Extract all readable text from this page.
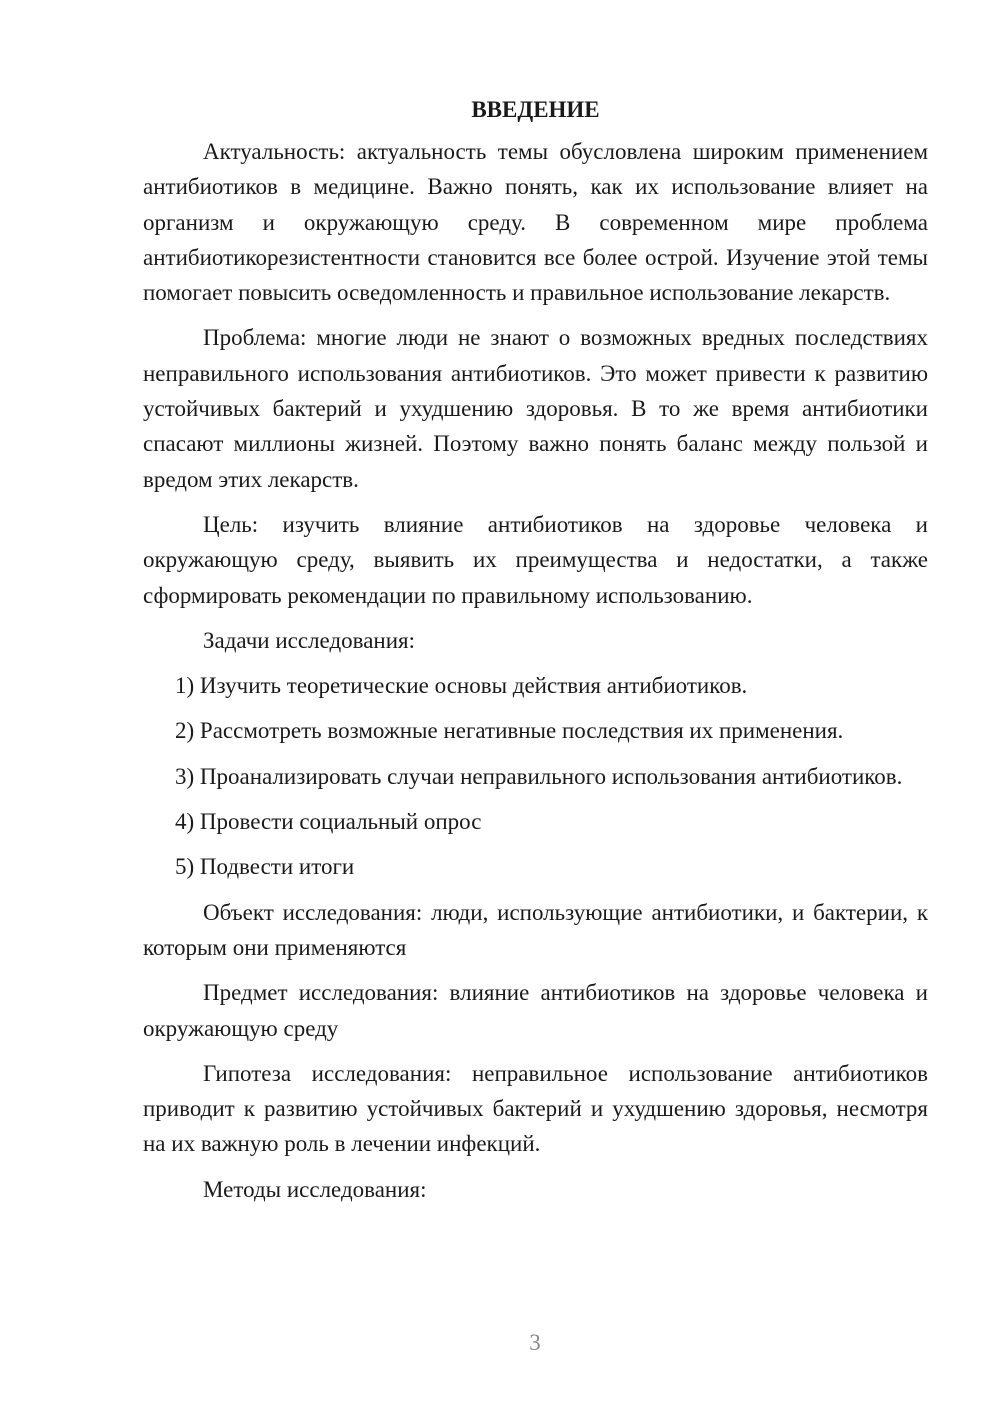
ВВЕДЕНИЕ

Актуальность: актуальность темы обусловлена широким применением антибиотиков в медицине. Важно понять, как их использование влияет на организм и окружающую среду. В современном мире проблема антибиотикорезистентности становится все более острой. Изучение этой темы помогает повысить осведомленность и правильное использование лекарств.

Проблема: многие люди не знают о возможных вредных последствиях неправильного использования антибиотиков. Это может привести к развитию устойчивых бактерий и ухудшению здоровья. В то же время антибиотики спасают миллионы жизней. Поэтому важно понять баланс между пользой и вредом этих лекарств.

Цель: изучить влияние антибиотиков на здоровье человека и окружающую среду, выявить их преимущества и недостатки, а также сформировать рекомендации по правильному использованию.

Задачи исследования:

1) Изучить теоретические основы действия антибиотиков.

2) Рассмотреть возможные негативные последствия их применения.

3) Проанализировать случаи неправильного использования антибиотиков.

4) Провести социальный опрос

5) Подвести итоги

Объект исследования: люди, использующие антибиотики, и бактерии, к которым они применяются

Предмет исследования: влияние антибиотиков на здоровье человека и окружающую среду

Гипотеза исследования: неправильное использование антибиотиков приводит к развитию устойчивых бактерий и ухудшению здоровья, несмотря на их важную роль в лечении инфекций.

Методы исследования:

3
